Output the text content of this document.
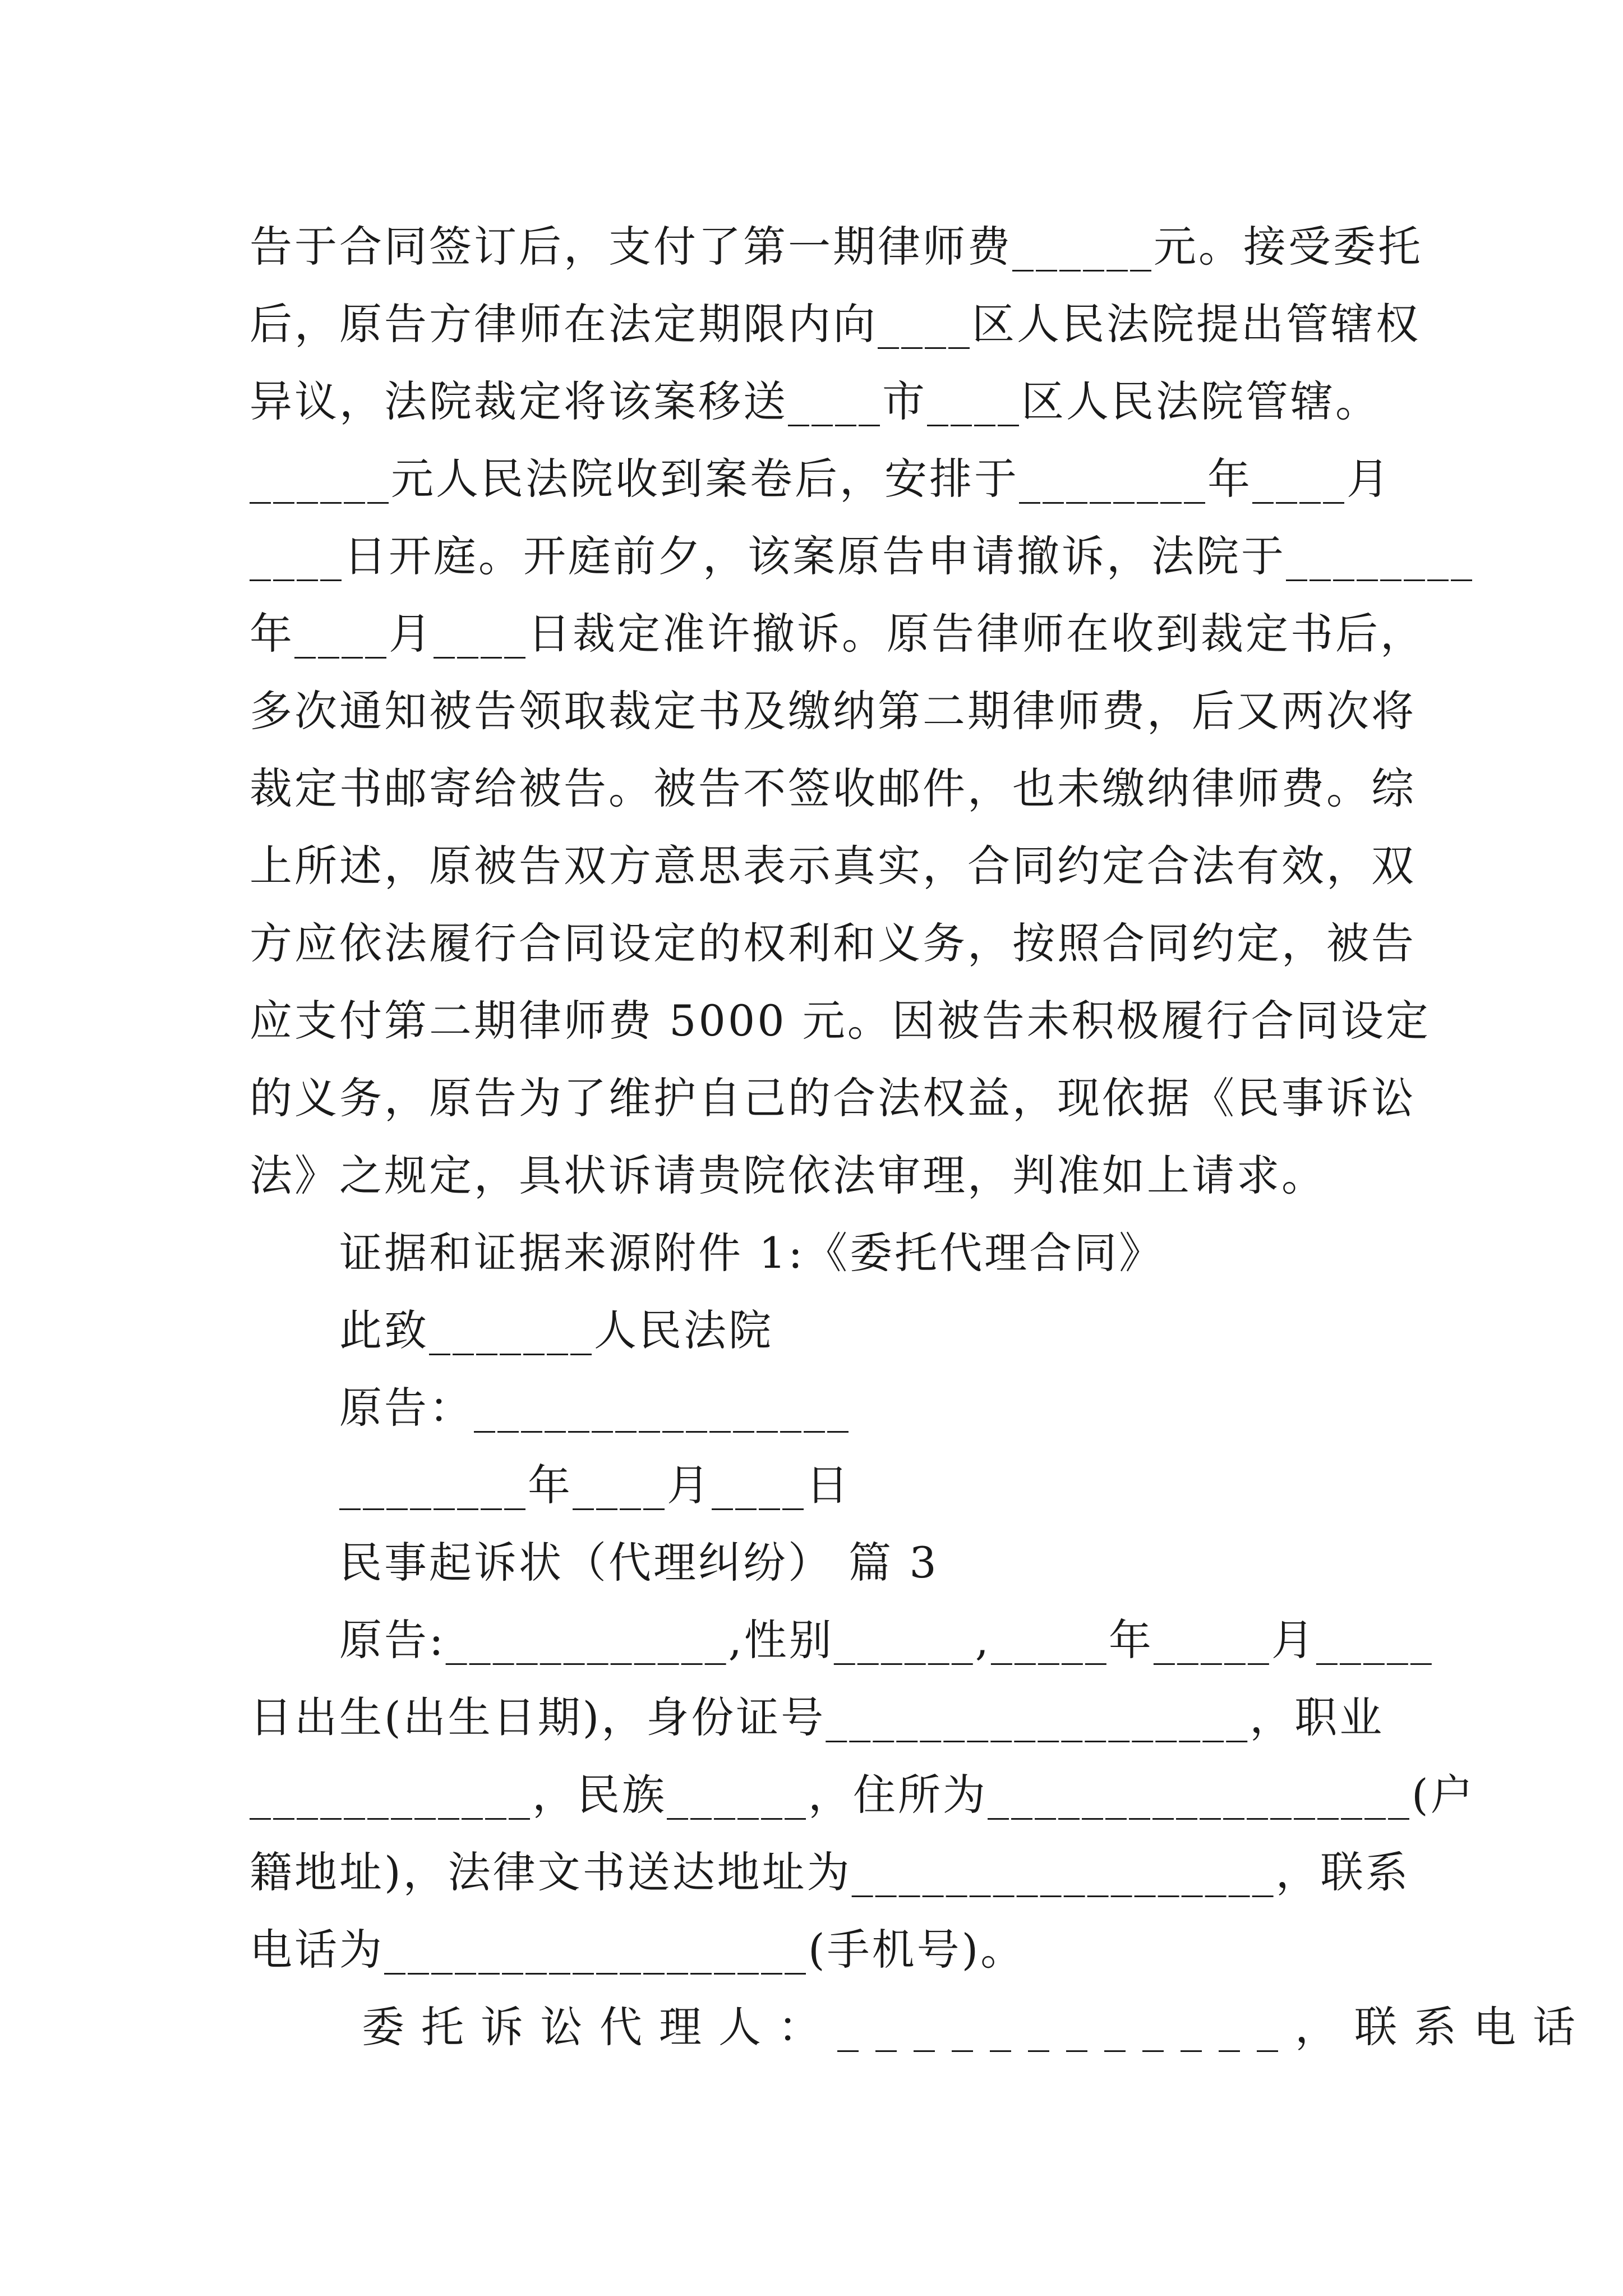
告于合同签订后，支付了第一期律师费______元。接受委托
后，原告方律师在法定期限内向____区人民法院提出管辖权
异议，法院裁定将该案移送____市____区人民法院管辖。
______元人民法院收到案卷后，安排于________年____月
____日开庭。开庭前夕，该案原告申请撤诉，法院于________
年____月____日裁定准许撤诉。原告律师在收到裁定书后，
多次通知被告领取裁定书及缴纳第二期律师费，后又两次将
裁定书邮寄给被告。被告不签收邮件，也未缴纳律师费。综
上所述，原被告双方意思表示真实，合同约定合法有效，双
方应依法履行合同设定的权利和义务，按照合同约定，被告
应支付第二期律师费 5000 元。因被告未积极履行合同设定
的义务，原告为了维护自己的合法权益，现依据《民事诉讼
法》之规定，具状诉请贵院依法审理，判准如上请求。
证据和证据来源附件 1:《委托代理合同》
此致_______人民法院
原告：________________
________年____月____日
民事起诉状（代理纠纷） 篇 3
原告:____________,性别______,_____年_____月_____
日出生(出生日期)，身份证号__________________，职业
____________，民族______，住所为__________________(户
籍地址)，法律文书送达地址为__________________，联系
电话为__________________(手机号)。
委托诉讼代理人：____________，联系电话
